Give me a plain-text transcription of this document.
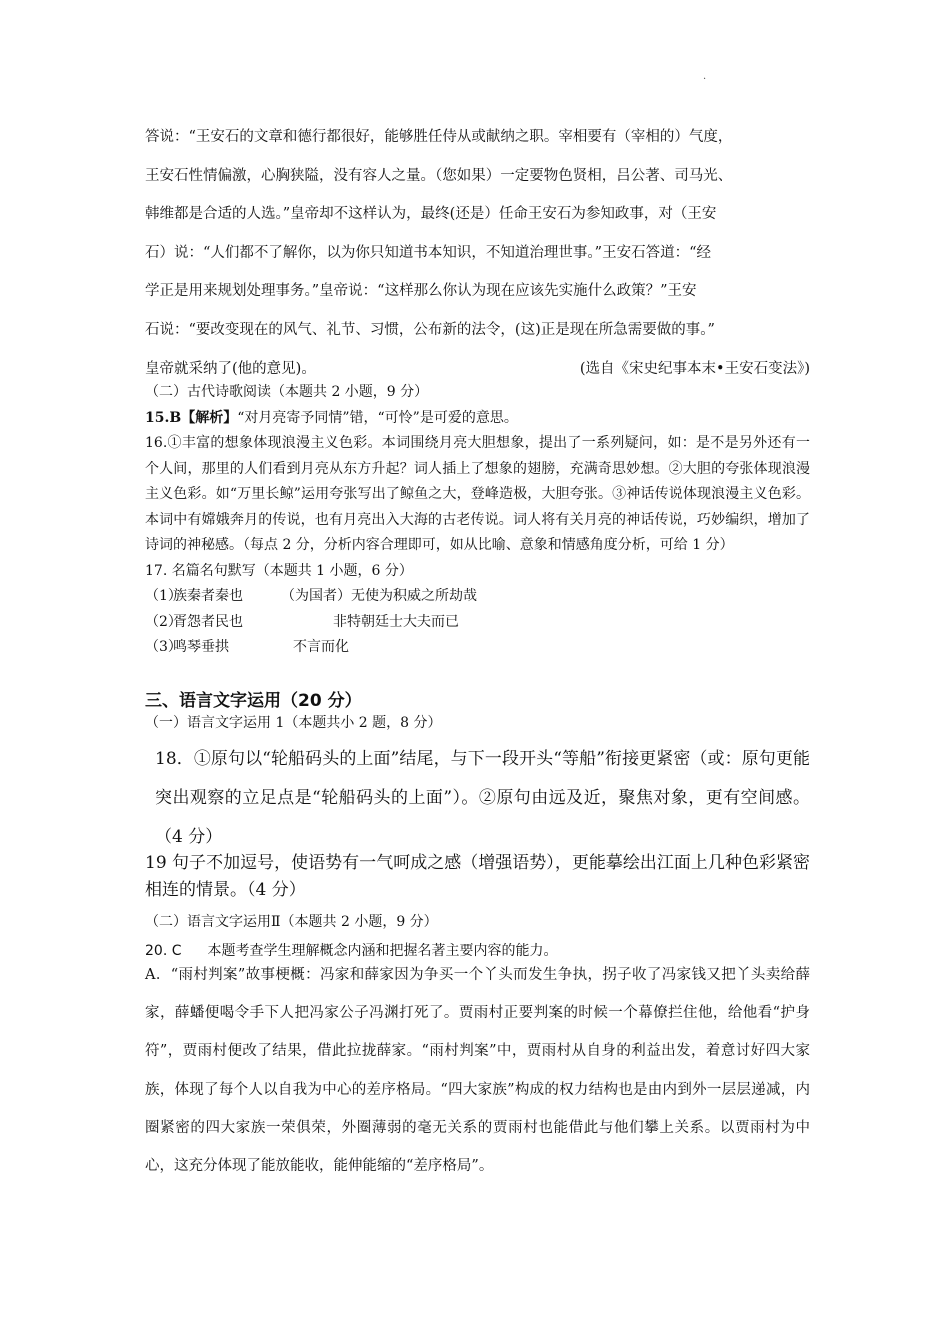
·
答说：“王安石的文章和德行都很好，能够胜任侍从或献纳之职。宰相要有（宰相的）气度，
王安石性情偏激，心胸狭隘，没有容人之量。（您如果）一定要物色贤相，吕公著、司马光、
韩维都是合适的人选。”皇帝却不这样认为，最终(还是）任命王安石为参知政事，对（王安
石）说：“人们都不了解你，以为你只知道书本知识，不知道治理世事。”王安石答道：“经
学正是用来规划处理事务。”皇帝说：“这样那么你认为现在应该先实施什么政策？”王安
石说：“要改变现在的风气、礼节、习惯，公布新的法令，(这)正是现在所急需要做的事。”
皇帝就采纳了(他的意见)。	(选自《宋史纪事本末•王安石变法》)
（二）古代诗歌阅读（本题共 2 小题，9 分）
15.B【解析】“对月亮寄予同情”错，“可怜”是可爱的意思。
16.①丰富的想象体现浪漫主义色彩。本词围绕月亮大胆想象，提出了一系列疑问，如：是不是另外还有一个人间，那里的人们看到月亮从东方升起？词人插上了想象的翅膀，充满奇思妙想。②大胆的夸张体现浪漫主义色彩。如“万里长鲸”运用夸张写出了鲸鱼之大，登峰造极，大胆夸张。③神话传说体现浪漫主义色彩。本词中有嫦娥奔月的传说，也有月亮出入大海的古老传说。词人将有关月亮的神话传说，巧妙编织，增加了诗词的神秘感。（每点 2 分，分析内容合理即可，如从比喻、意象和情感角度分析，可给 1 分）
17. 名篇名句默写（本题共 1 小题，6 分）
（1）
族秦者秦也	（为国者）无使为积威之所劫哉
（2）
胥怨者民也	非特朝廷士大夫而已
（3）
鸣琴垂拱	不言而化
三、语言文字运用（20 分）
（一）语言文字运用 1（本题共小 2 题，8 分）
18．①原句以“轮船码头的上面”结尾，与下一段开头“等船”衔接更紧密（或：原句更能突出观察的立足点是“轮船码头的上面”）。②原句由远及近，聚焦对象，更有空间感。（4 分）
19 句子不加逗号，使语势有一气呵成之感（增强语势），更能摹绘出江面上几种色彩紧密相连的情景。（4 分）
（二）语言文字运用Ⅱ（本题共 2 小题，9 分）
20. C 本题考查学生理解概念内涵和把握名著主要内容的能力。
A．“雨村判案”故事梗概：冯家和薛家因为争买一个丫头而发生争执，拐子收了冯家钱又把丫头卖给薛家，薛蟠便喝令手下人把冯家公子冯渊打死了。贾雨村正要判案的时候一个幕僚拦住他，给他看“护身符”，贾雨村便改了结果，借此拉拢薛家。“雨村判案”中，贾雨村从自身的利益出发，着意讨好四大家族，体现了每个人以自我为中心的差序格局。“四大家族”构成的权力结构也是由内到外一层层递减，内圈紧密的四大家族一荣俱荣，外圈薄弱的毫无关系的贾雨村也能借此与他们攀上关系。以贾雨村为中心，这充分体现了能放能收，能伸能缩的“差序格局”。
